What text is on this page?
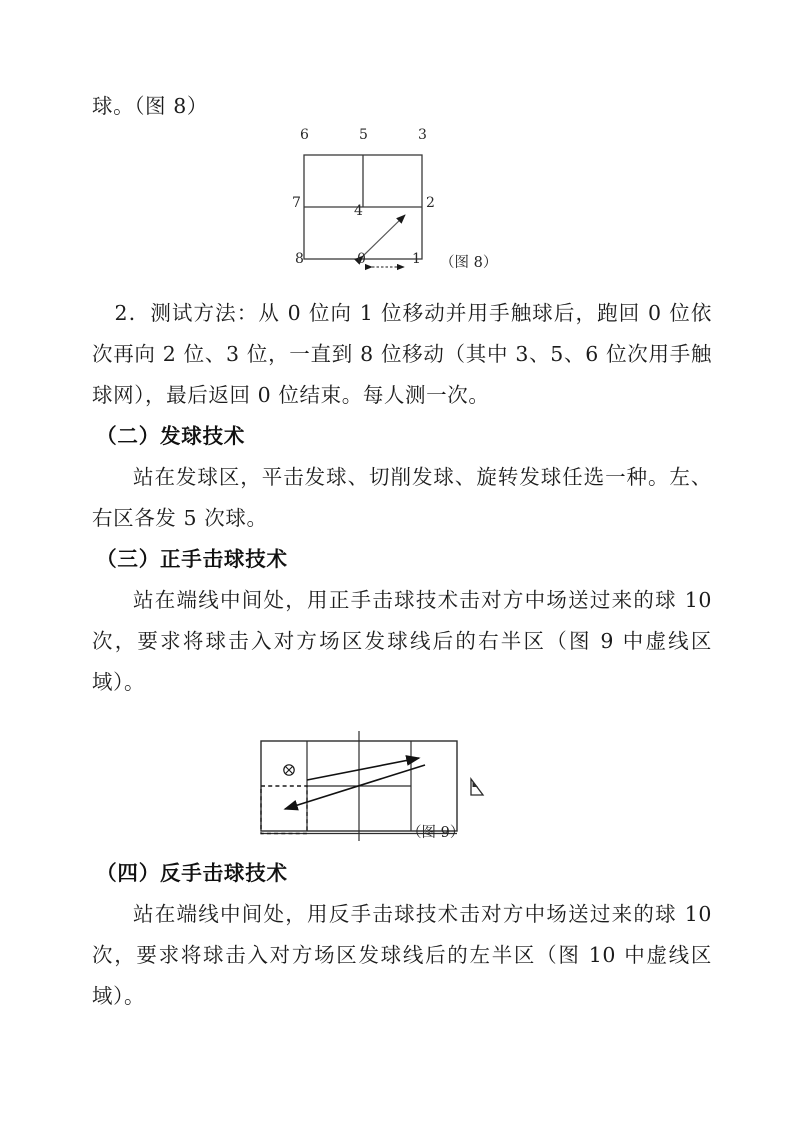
球。（图 8）

6	5	3
7	4	2
8	0	1 （图 8）

2．测试方法：从 0 位向 1 位移动并用手触球后，跑回 0 位依次再向 2 位、3 位，一直到 8 位移动（其中 3、5、6 位次用手触球网），最后返回 0 位结束。每人测一次。

（二）发球技术

站在发球区，平击发球、切削发球、旋转发球任选一种。左、右区各发 5 次球。

（三）正手击球技术

站在端线中间处，用正手击球技术击对方中场送过来的球 10 次，要求将球击入对方场区发球线后的右半区（图 9 中虚线区域）。

（图 9）

（四）反手击球技术

站在端线中间处，用反手击球技术击对方中场送过来的球 10 次，要求将球击入对方场区发球线后的左半区（图 10 中虚线区域）。
